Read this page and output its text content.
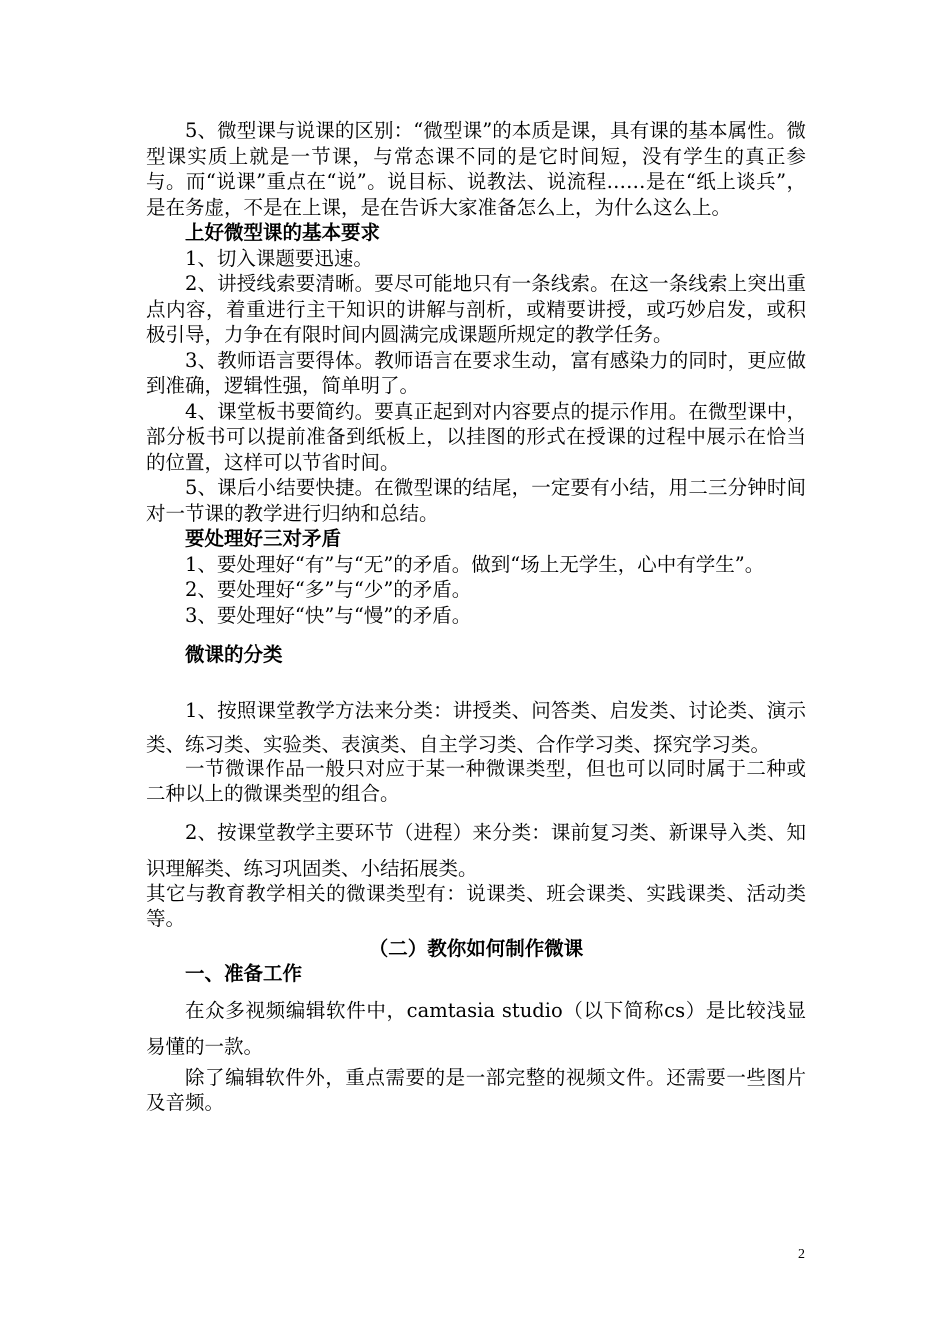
5、微型课与说课的区别：“微型课”的本质是课，具有课的基本属性。微型课实质上就是一节课，与常态课不同的是它时间短，没有学生的真正参与。而“说课”重点在“说”。说目标、说教法、说流程……是在“纸上谈兵”，是在务虚，不是在上课，是在告诉大家准备怎么上，为什么这么上。

上好微型课的基本要求

1、切入课题要迅速。

2、讲授线索要清晰。要尽可能地只有一条线索。在这一条线索上突出重点内容，着重进行主干知识的讲解与剖析，或精要讲授，或巧妙启发，或积极引导，力争在有限时间内圆满完成课题所规定的教学任务。

3、教师语言要得体。教师语言在要求生动，富有感染力的同时，更应做到准确，逻辑性强，简单明了。

4、课堂板书要简约。要真正起到对内容要点的提示作用。在微型课中，部分板书可以提前准备到纸板上，以挂图的形式在授课的过程中展示在恰当的位置，这样可以节省时间。

5、课后小结要快捷。在微型课的结尾，一定要有小结，用二三分钟时间对一节课的教学进行归纳和总结。

要处理好三对矛盾

1、要处理好“有”与“无”的矛盾。做到“场上无学生，心中有学生”。

2、要处理好“多”与“少”的矛盾。

3、要处理好“快”与“慢”的矛盾。

微课的分类

1、按照课堂教学方法来分类：讲授类、问答类、启发类、讨论类、演示类、练习类、实验类、表演类、自主学习类、合作学习类、探究学习类。

一节微课作品一般只对应于某一种微课类型，但也可以同时属于二种或二种以上的微课类型的组合。

2、按课堂教学主要环节（进程）来分类：课前复习类、新课导入类、知识理解类、练习巩固类、小结拓展类。

其它与教育教学相关的微课类型有：说课类、班会课类、实践课类、活动类等。

（二）教你如何制作微课

一、准备工作

在众多视频编辑软件中，camtasia studio（以下简称cs）是比较浅显易懂的一款。

除了编辑软件外，重点需要的是一部完整的视频文件。还需要一些图片及音频。

2
